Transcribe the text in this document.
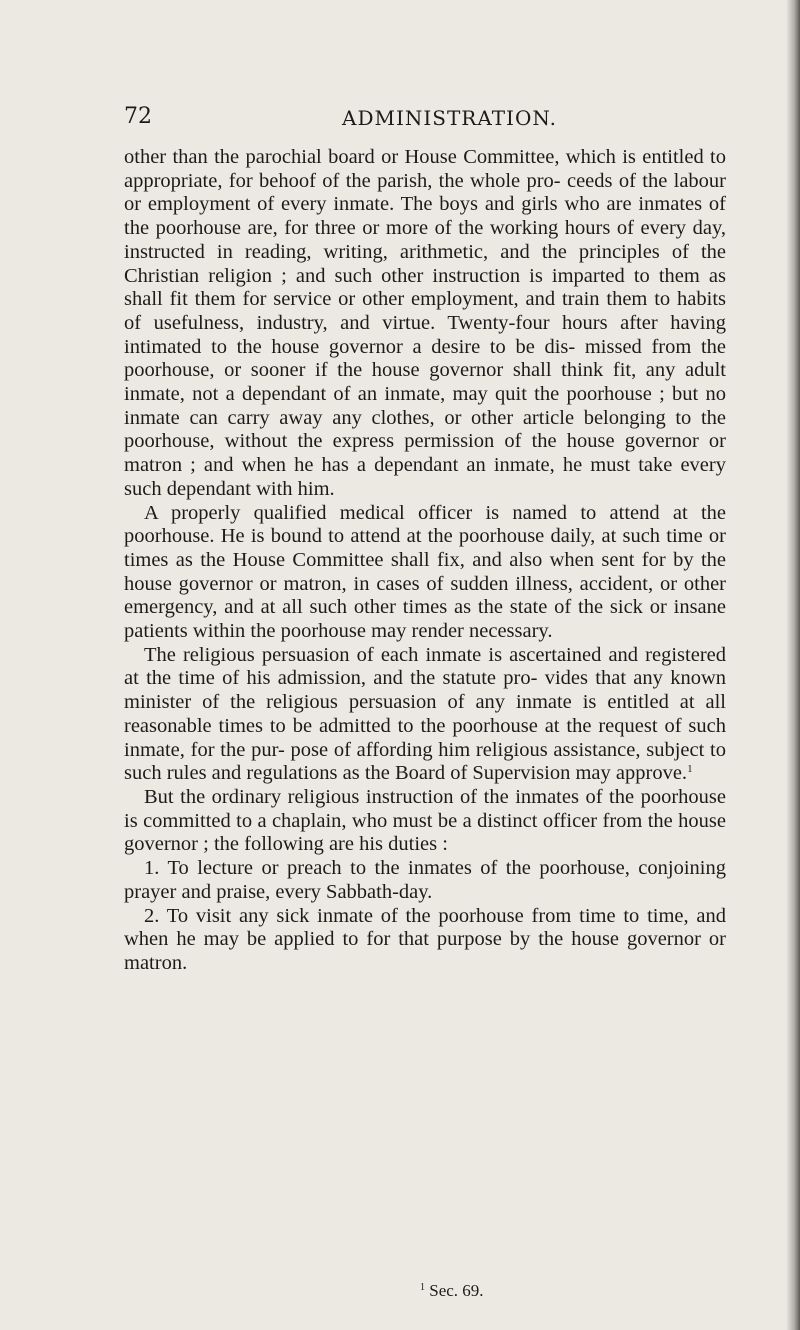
72	ADMINISTRATION.

other than the parochial board or House Committee, which is entitled to appropriate, for behoof of the parish, the whole pro- ceeds of the labour or employment of every inmate. The boys and girls who are inmates of the poorhouse are, for three or more of the working hours of every day, instructed in reading, writing, arithmetic, and the principles of the Christian religion ; and such other instruction is imparted to them as shall fit them for service or other employment, and train them to habits of usefulness, industry, and virtue. Twenty-four hours after having intimated to the house governor a desire to be dis- missed from the poorhouse, or sooner if the house governor shall think fit, any adult inmate, not a dependant of an inmate, may quit the poorhouse ; but no inmate can carry away any clothes, or other article belonging to the poorhouse, without the express permission of the house governor or matron ; and when he has a dependant an inmate, he must take every such dependant with him.

A properly qualified medical officer is named to attend at the poorhouse. He is bound to attend at the poorhouse daily, at such time or times as the House Committee shall fix, and also when sent for by the house governor or matron, in cases of sudden illness, accident, or other emergency, and at all such other times as the state of the sick or insane patients within the poorhouse may render necessary.

The religious persuasion of each inmate is ascertained and registered at the time of his admission, and the statute pro- vides that any known minister of the religious persuasion of any inmate is entitled at all reasonable times to be admitted to the poorhouse at the request of such inmate, for the pur- pose of affording him religious assistance, subject to such rules and regulations as the Board of Supervision may approve.$^1$

But the ordinary religious instruction of the inmates of the poorhouse is committed to a chaplain, who must be a distinct officer from the house governor ; the following are his duties :

1. To lecture or preach to the inmates of the poorhouse, conjoining prayer and praise, every Sabbath-day.

2. To visit any sick inmate of the poorhouse from time to time, and when he may be applied to for that purpose by the house governor or matron.

$^1$ Sec. 69.
